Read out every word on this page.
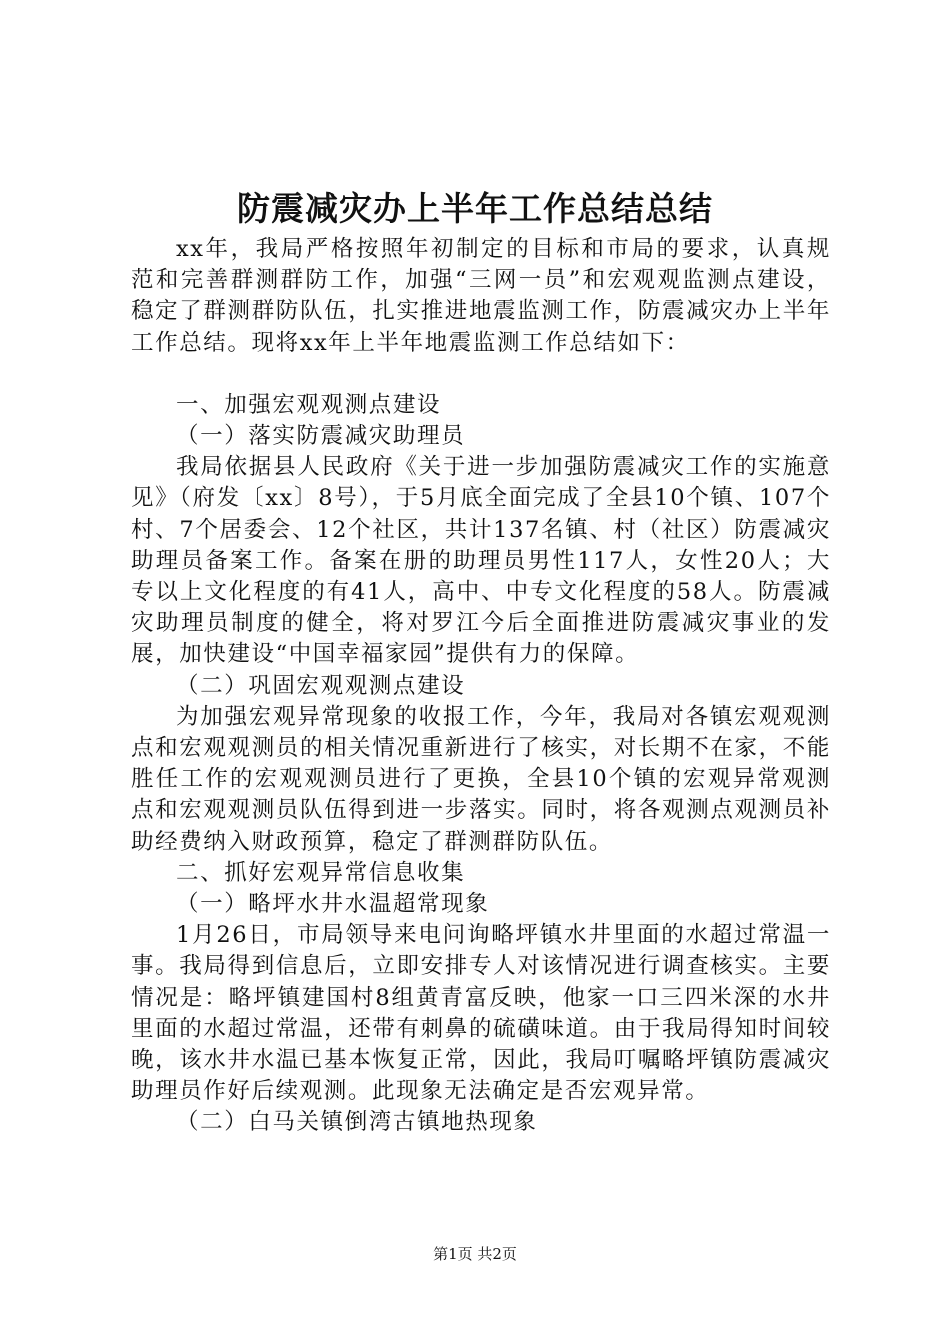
防震减灾办上半年工作总结总结

xx年，我局严格按照年初制定的目标和市局的要求，认真规范和完善群测群防工作，加强“三网一员”和宏观观监测点建设，稳定了群测群防队伍，扎实推进地震监测工作，防震减灾办上半年工作总结。现将xx年上半年地震监测工作总结如下：

一、加强宏观观测点建设

（一）落实防震减灾助理员

我局依据县人民政府《关于进一步加强防震减灾工作的实施意见》（府发〔xx〕8号），于5月底全面完成了全县10个镇、107个村、7个居委会、12个社区，共计137名镇、村（社区）防震减灾助理员备案工作。备案在册的助理员男性117人，女性20人；大专以上文化程度的有41人，高中、中专文化程度的58人。防震减灾助理员制度的健全，将对罗江今后全面推进防震减灾事业的发展，加快建设“中国幸福家园”提供有力的保障。

（二）巩固宏观观测点建设

为加强宏观异常现象的收报工作，今年，我局对各镇宏观观测点和宏观观测员的相关情况重新进行了核实，对长期不在家，不能胜任工作的宏观观测员进行了更换，全县10个镇的宏观异常观测点和宏观观测员队伍得到进一步落实。同时，将各观测点观测员补助经费纳入财政预算，稳定了群测群防队伍。

二、抓好宏观异常信息收集

（一）略坪水井水温超常现象

1月26日，市局领导来电问询略坪镇水井里面的水超过常温一事。我局得到信息后，立即安排专人对该情况进行调查核实。主要情况是：略坪镇建国村8组黄青富反映，他家一口三四米深的水井里面的水超过常温，还带有刺鼻的硫磺味道。由于我局得知时间较晚，该水井水温已基本恢复正常，因此，我局叮嘱略坪镇防震减灾助理员作好后续观测。此现象无法确定是否宏观异常。

（二）白马关镇倒湾古镇地热现象

第1页 共2页
